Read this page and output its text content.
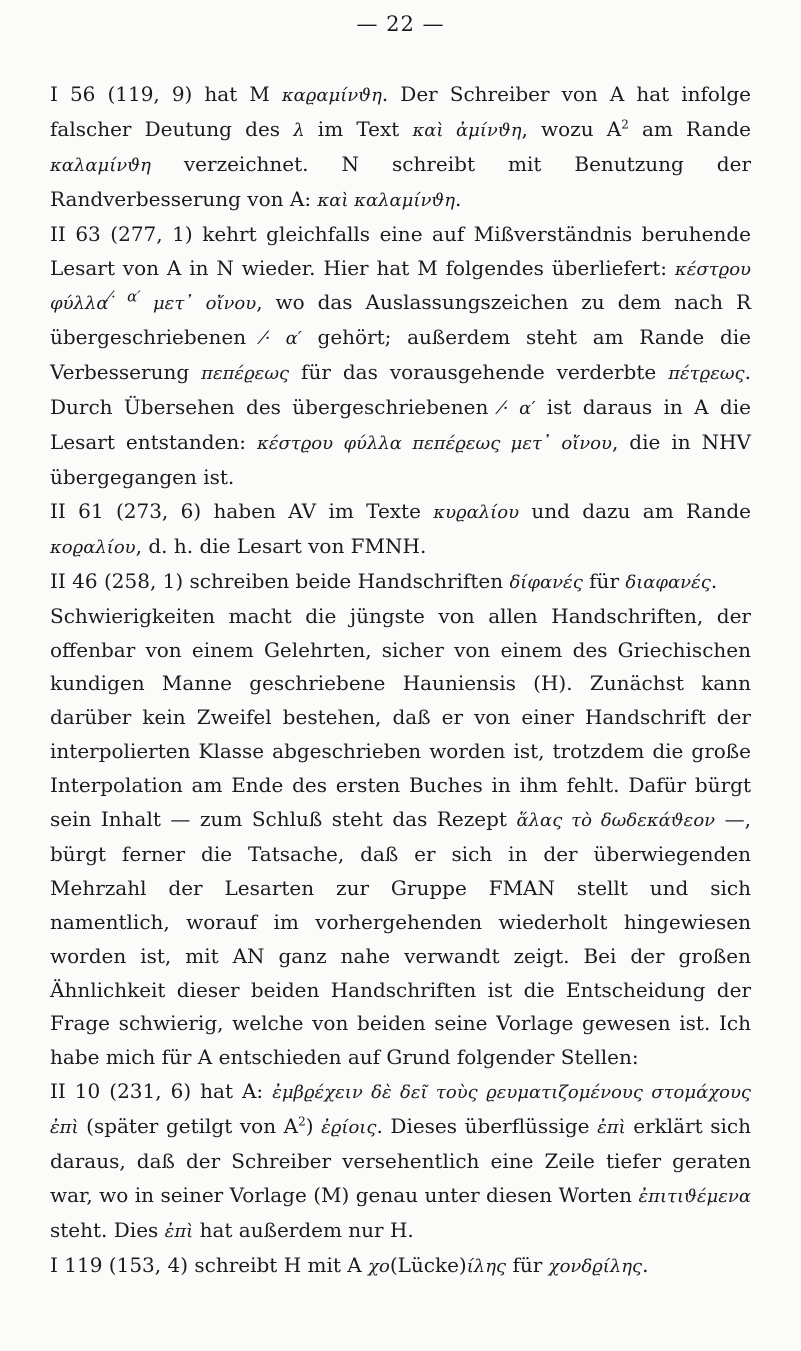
— 22 —

I 56 (119, 9) hat M καϱαμίνϑη. Der Schreiber von A hat infolge falscher Deutung des λ im Text καὶ ἀμίνϑη, wozu $A^2$ am Rande καλαμίνϑη verzeichnet. N schreibt mit Benutzung der Randverbesserung von A: καὶ καλαμίνϑη.

II 63 (277, 1) kehrt gleichfalls eine auf Mißverständnis beruhende Lesart von A in N wieder. Hier hat M folgendes überliefert: κέστϱου φύλλα$^{⁄\cdot \alpha'}$ μετ᾽ οἴνου, wo das Auslassungszeichen zu dem nach R übergeschriebenen ⁄· α′ gehört; außerdem steht am Rande die Verbesserung πεπέϱεως für das vorausgehende verderbte πέτϱεως. Durch Übersehen des übergeschriebenen ⁄· α′ ist daraus in A die Lesart entstanden: κέστϱου φύλλα πεπέϱεως μετ᾽ οἴνου, die in NHV übergegangen ist.

II 61 (273, 6) haben AV im Texte κυϱαλίου und dazu am Rande κοϱαλίου, d. h. die Lesart von FMNH.

II 46 (258, 1) schreiben beide Handschriften δίφανές für διαφανές.

Schwierigkeiten macht die jüngste von allen Handschriften, der offenbar von einem Gelehrten, sicher von einem des Griechischen kundigen Manne geschriebene Hauniensis (H). Zunächst kann darüber kein Zweifel bestehen, daß er von einer Handschrift der interpolierten Klasse abgeschrieben worden ist, trotzdem die große Interpolation am Ende des ersten Buches in ihm fehlt. Dafür bürgt sein Inhalt — zum Schluß steht das Rezept ἅλας τὸ δωδεκάϑεον —, bürgt ferner die Tatsache, daß er sich in der überwiegenden Mehrzahl der Lesarten zur Gruppe FMAN stellt und sich namentlich, worauf im vorhergehenden wiederholt hingewiesen worden ist, mit AN ganz nahe verwandt zeigt. Bei der großen Ähnlichkeit dieser beiden Handschriften ist die Entscheidung der Frage schwierig, welche von beiden seine Vorlage gewesen ist. Ich habe mich für A entschieden auf Grund folgender Stellen:

II 10 (231, 6) hat A: ἐμβϱέχειν δὲ δεῖ τοὺς ϱευματιζομένους στομάχους ἐπὶ (später getilgt von $A^2$) ἐϱίοις. Dieses überflüssige ἐπὶ erklärt sich daraus, daß der Schreiber versehentlich eine Zeile tiefer geraten war, wo in seiner Vorlage (M) genau unter diesen Worten ἐπιτιϑέμενα steht. Dies ἐπὶ hat außerdem nur H.

I 119 (153, 4) schreibt H mit A χο(Lücke)ίλης für χονδϱίλης.
